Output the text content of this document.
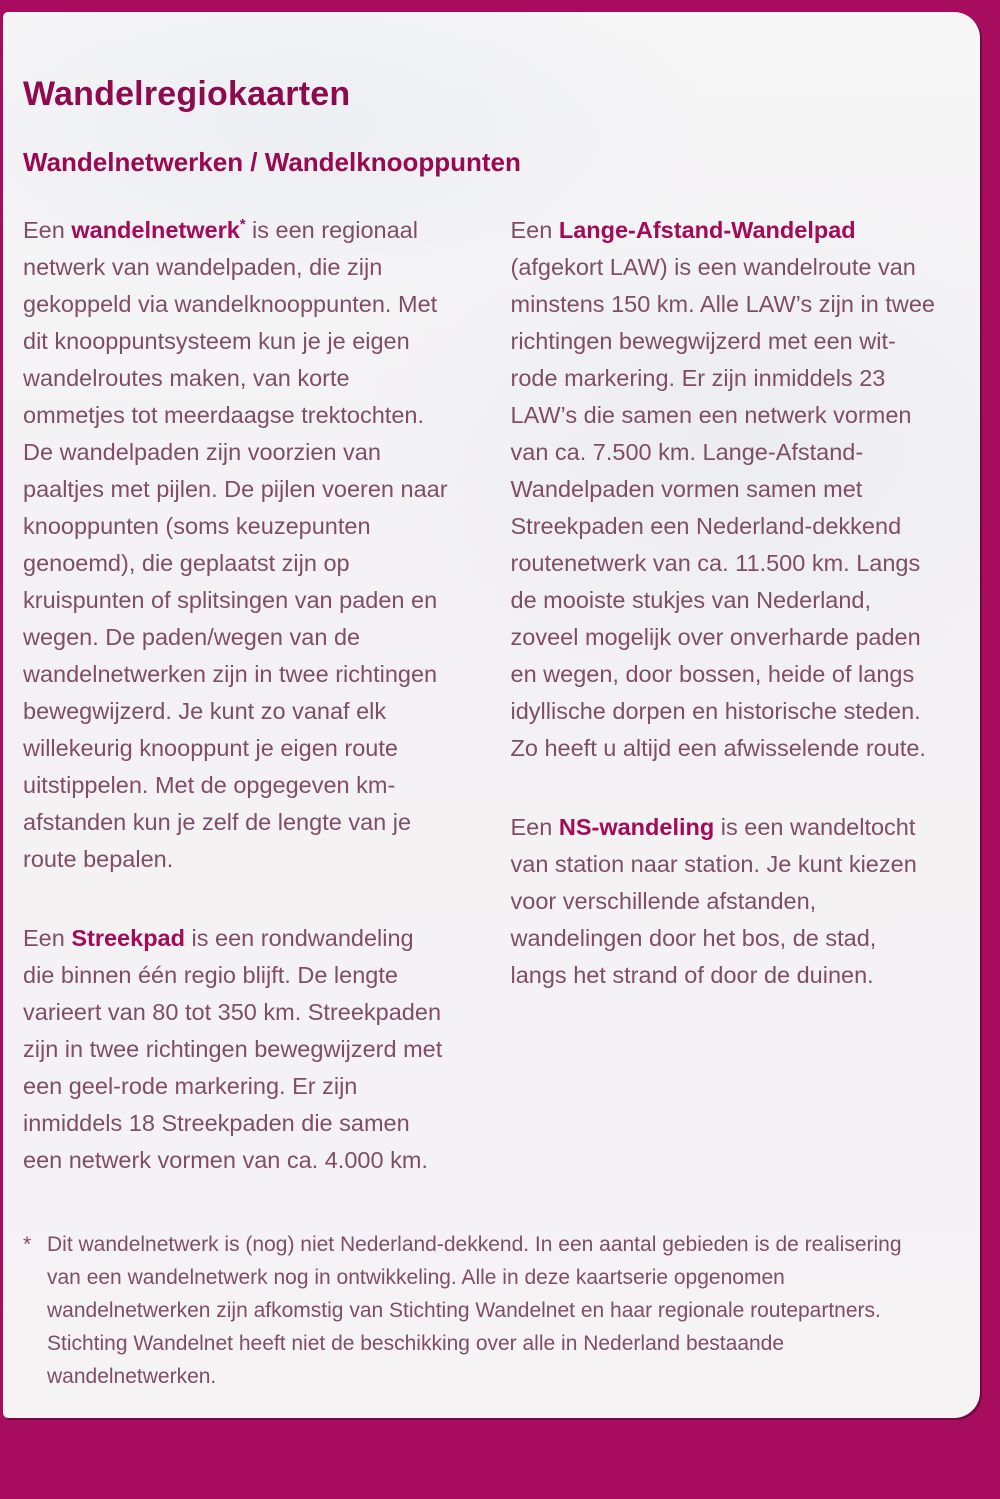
Wandelregiokaarten
Wandelnetwerken / Wandelknooppunten

Een wandelnetwerk* is een regionaal netwerk van wandelpaden, die zijn gekoppeld via wandelknooppunten. Met dit knooppuntsysteem kun je je eigen wandelroutes maken, van korte ommetjes tot meerdaagse trektochten. De wandelpaden zijn voorzien van paaltjes met pijlen. De pijlen voeren naar knooppunten (soms keuzepunten genoemd), die geplaatst zijn op kruispunten of splitsingen van paden en wegen. De paden/wegen van de wandelnetwerken zijn in twee richtingen bewegwijzerd. Je kunt zo vanaf elk willekeurig knooppunt je eigen route uitstippelen. Met de opgegeven km-afstanden kun je zelf de lengte van je route bepalen.

Een Streekpad is een rondwandeling die binnen één regio blijft. De lengte varieert van 80 tot 350 km. Streekpaden zijn in twee richtingen bewegwijzerd met een geel-rode markering. Er zijn inmiddels 18 Streekpaden die samen een netwerk vormen van ca. 4.000 km.

Een Lange-Afstand-Wandelpad (afgekort LAW) is een wandelroute van minstens 150 km. Alle LAW’s zijn in twee richtingen bewegwijzerd met een wit-rode markering. Er zijn inmiddels 23 LAW’s die samen een netwerk vormen van ca. 7.500 km. Lange-Afstand-Wandelpaden vormen samen met Streekpaden een Nederland-dekkend routenetwerk van ca. 11.500 km. Langs de mooiste stukjes van Nederland, zoveel mogelijk over onverharde paden en wegen, door bossen, heide of langs idyllische dorpen en historische steden. Zo heeft u altijd een afwisselende route.

Een NS-wandeling is een wandeltocht van station naar station. Je kunt kiezen voor verschillende afstanden, wandelingen door het bos, de stad, langs het strand of door de duinen.

* Dit wandelnetwerk is (nog) niet Nederland-dekkend. In een aantal gebieden is de realisering van een wandelnetwerk nog in ontwikkeling. Alle in deze kaartserie opgenomen wandelnetwerken zijn afkomstig van Stichting Wandelnet en haar regionale routepartners. Stichting Wandelnet heeft niet de beschikking over alle in Nederland bestaande wandelnetwerken.
